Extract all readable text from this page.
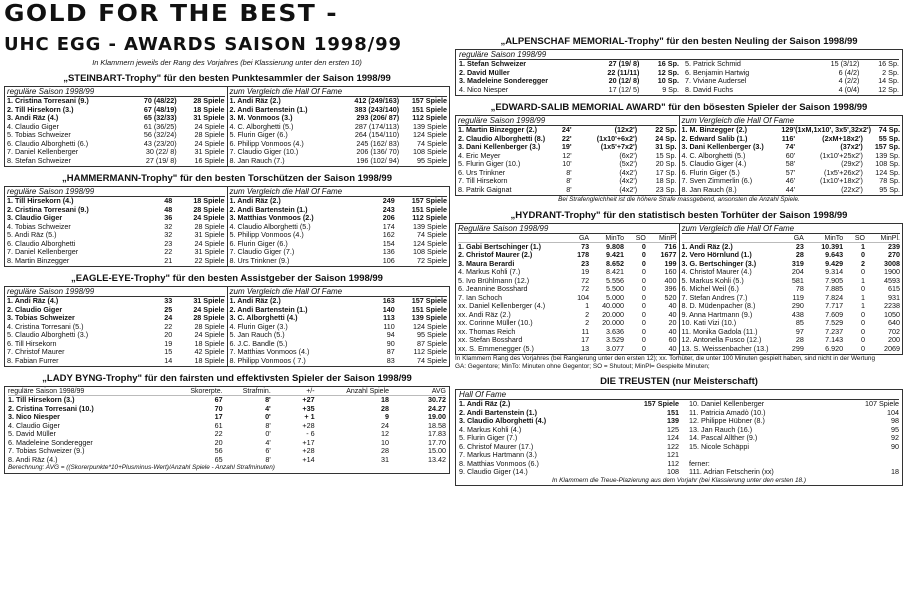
GOLD FOR THE BEST -
UHC EGG - AWARDS SAISON 1998/99
In Klammern jeweils der Rang des Vorjahres (bei Klassierung unter den ersten 10)
„STEINBART-Trophy" für den besten Punktesammler der Saison 1998/99
reguläre Saison 1998/99
1. Cristina Torresani (9.)	70 (48/22)	28 Spiele
2. Till Hirsekorn (3.)	67 (48/19)	18 Spiele
3. Andi Räz (4.)	65 (32/33)	31 Spiele
4. Claudio Giger	61 (36/25)	24 Spiele
5. Tobias Schweizer	56 (32/24)	28 Spiele
6. Claudio Alborghetti (6.)	43 (23/20)	24 Spiele
7. Daniel Kellenberger	30 (22/ 8)	31 Spiele
8. Stefan Schweizer	27 (19/ 8)	16 Spiele
zum Vergleich die Hall Of Fame
1. Andi Räz (2.)	412 (249/163)	157 Spiele
2. Andi Bartenstein (1.)	383 (243/140)	151 Spiele
3. M. Vonmoos (3.)	293 (206/ 87)	112 Spiele
4. C. Alborghetti (5.)	287 (174/113)	139 Spiele
5. Flurin Giger (6.)	264 (154/110)	124 Spiele
6. Philipp Vonmoos (4.)	245 (162/ 83)	74 Spiele
7. Claudio Giger (10.)	206 (136/ 70)	108 Spiele
8. Jan Rauch (7.)	196 (102/ 94)	95 Spiele
„HAMMERMANN-Trophy" für den besten Torschützen der Saison 1998/99
reguläre Saison 1998/99
1. Till Hirsekorn (4.)	48	18 Spiele
2. Cristina Torresani (9.)	48	28 Spiele
3. Claudio Giger	36	24 Spiele
4. Tobias Schweizer	32	28 Spiele
5. Andi Räz (5.)	32	31 Spiele
6. Claudio Alborghetti	23	24 Spiele
7. Daniel Kellenberger	22	31 Spiele
8. Martin Binzegger	21	22 Spiele
zum Vergleich die Hall Of Fame
1. Andi Räz (2.)	249	157 Spiele
2. Andi Bartenstein (1.)	243	151 Spiele
3. Matthias Vonmoos (2.)	206	112 Spiele
4. Claudio Alborghetti (5.)	174	139 Spiele
5. Philipp Vonmoos (4.)	162	74 Spiele
6. Flurin Giger (6.)	154	124 Spiele
7. Claudio Giger (7.)	136	108 Spiele
8. Urs Trinkner (9.)	106	72 Spiele
„EAGLE-EYE-Trophy" für den besten Assistgeber der Saison 1998/99
reguläre Saison 1998/99
1. Andi Räz (4.)	33	31 Spiele
2. Claudio Giger	25	24 Spiele
3. Tobias Schweizer	24	28 Spiele
4. Cristina Torresani (5.)	22	28 Spiele
5. Claudio Alborghetti (3.)	20	24 Spiele
6. Till Hirsekorn	19	18 Spiele
7. Christof Maurer	15	42 Spiele
8. Fabian Furrer	14	18 Spiele
zum Vergleich die Hall Of Fame
1. Andi Räz (2.)	163	157 Spiele
2. Andi Bartenstein (1.)	140	151 Spiele
3. C. Alborghetti (4.)	113	139 Spiele
4. Flurin Giger (3.)	110	124 Spiele
5. Jan Rauch (5.)	94	95 Spiele
6. J.C. Bandle (5.)	90	87 Spiele
7. Matthias Vonmoos (4.)	87	112 Spiele
8. Philipp Vonmoos ( 7.)	83	74 Spiele
„LADY BYNG-Trophy" für den fairsten und effektivsten Spieler der Saison 1998/99
reguläre Saison 1998/99	Skorerpte.	Strafmin.	+/-	Anzahl Spiele	AVG
1. Till Hirsekorn (3.)	67	8'	+27	18	30.72
2. Cristina Torresani (10.)	70	4'	+35	28	24.27
3. Nico Niesper	17	0'	+ 1	9	19.00
4. Claudio Giger	61	8'	+28	24	18.58
5. David Müller	22	0'	- 6	12	17.83
6. Madeleine Sonderegger	20	4'	+17	10	17.70
7. Tobias Schweizer (9.)	56	6'	+28	28	15.00
8. Andi Räz (4.)	65	8'	+14	31	13.42
Berechnung: AVG = ((Skorerpunkte*10+Plusminus-Wert)/Anzahl Spiele - Anzahl Strafminuten)
„ALPENSCHAF MEMORIAL-Trophy" für den besten Neuling der Saison 1998/99
reguläre Saison 1998/99
1. Stefan Schweizer	27 (19/ 8)	16 Sp. 5. Patrick Schmid	15 (3/12)	16 Sp.
2. David Müller	22 (11/11)	12 Sp. 6. Benjamin Hartwig	6 (4/2)	2 Sp.
3. Madeleine Sonderegger	20 (12/ 8)	10 Sp. 7. Viviane Audersel	4 (2/2)	14 Sp.
4. Nico Niesper	17 (12/ 5)	9 Sp. 8. David Fuchs	4 (0/4)	12 Sp.
„EDWARD-SALIB MEMORIAL AWARD" für den bösesten Spieler der Saison 1998/99
reguläre Saison 1998/99
1. Martin Binzegger (2.)	24'	(12x2')	22 Sp.
2. Claudio Alborghetti (8.)	22'	(1x10'+6x2')	24 Sp.
3. Dani Kellenberger (3.)	19'	(1x5'+7x2')	31 Sp.
4. Eric Meyer	12'	(6x2')	15 Sp.
5. Flurin Giger (10.)	10'	(5x2')	20 Sp.
6. Urs Trinkner	8'	(4x2')	17 Sp.
7. Till Hirsekorn	8'	(4x2')	18 Sp.
8. Patrik Gaignat	8'	(4x2')	23 Sp.
zum Vergleich die Hall Of Fame
1. M. Binzegger (2.)	129' (1xM,1x10', 3x5',32x2')	74 Sp.
2. Edward Salib (1.)	116'	(2xM+18x2')	55 Sp.
3. Dani Kellenberger (3.)	74'	(37x2')	157 Sp.
4. C. Alborghetti (5.)	60'	(1x10'+25x2')	139 Sp.
5. Claudio Giger (4.)	58'	(29x2')	108 Sp.
6. Flurin Giger (5.)	57'	(1x5'+26x2')	124 Sp.
7. Sven Zimmerlin (6.)	46'	(1x10'+18x2')	78 Sp.
8. Jan Rauch (8.)	44'	(22x2')	95 Sp.
Bei Strafengleichheit ist die höhere Strafe massgebend, ansonsten die Anzahl Spiele.
„HYDRANT-Trophy" für den statistisch besten Torhüter der Saison 1998/99
Reguläre Saison 1998/99
GA	MinTo	SO	MinPl
1. Gabi Bertschinger (1.)	73	9.808	0	716
2. Christof Maurer (2.)	178	9.421	0	1677
3. Maura Berardi	23	8.652	0	199
4. Markus Kohli (7.)	19	8.421	0	160
5. Ivo Brühlmann (12.)	72	5.556	0	400
6. Jeannine Bosshard	72	5.500	0	396
7. Ian Schoch	104	5.000	0	520
xx. Daniel Kellenberger (4.)	1	40.000	0	40
xx. Andi Räz (2.)	2	20.000	0	40
xx. Corinne Müller (10.)	2	20.000	0	20
xx. Thomas Reich	11	3.636	0	40
xx. Stefan Bosshard	17	3.529	0	60
xx. S. Emmenegger (5.)	13	3.077	0	40
zum Vergleich die Hall Of Fame
GA	MinTo	SO	MinPl.
1. Andi Räz (2.)	23	10.391	1	239
2. Vero Hörnlund (1.)	28	9.643	0	270
3. G. Bertschinger (3.)	319	9.429	2	3008
4. Christof Maurer (4.)	204	9.314	0	1900
5. Markus Kohli (5.)	581	7.905	1	4593
6. Michel Weil (6.)	78	7.885	0	615
7. Stefan Andres (7.)	119	7.824	1	931
8. D. Müdenpacher (8.)	290	7.717	1	2238
9. Anna Hartmann (9.)	438	7.609	0	1050
10. Kati Vizi (10.)	85	7.529	0	640
11. Monika Gadola (11.)	97	7.237	0	702
12. Antonella Fusco (12.)	28	7.143	0	200
13. S. Weissenbacher (13.)	299	6.920	0	2069
In Klammern Rang des Vorjahres (bei Rangierung unter den ersten 12); xx. Torhüter, die unter 100 Minuten gespielt haben, sind nicht in der Wertung
GA: Gegentore; MinTo: Minuten ohne Gegentor; SO = Shutout; MinPl= Gespielte Minuten;
DIE TREUSTEN (nur Meisterschaft)
Hall Of Fame
1. Andi Räz (2.)	157 Spiele	10. Daniel Kellenberger	107 Spiele
2. Andi Bartenstein (1.)	151	11. Patricia Amadò (10.)	104
3. Claudio Alborghetti (4.)	139	12. Philippe Hübner (8.)	98
4. Markus Kohli (4.)	125	13. Jan Rauch (16.)	95
5. Flurin Giger (7.)	124	14. Pascal Allther (9.)	92
6. Christof Maurer (17.)	122	15. Nicole Schäppi	90
7. Markus Hartmann (3.)	121
8. Matthias Vonmoos (6.)	112	ferner:
9. Claudio Giger (14.)	108	111. Adrian Fetscherin (xx)	18
In Klammern die Treue-Plazierung aus dem Vorjahr (bei Klassierung unter den ersten 18.)
